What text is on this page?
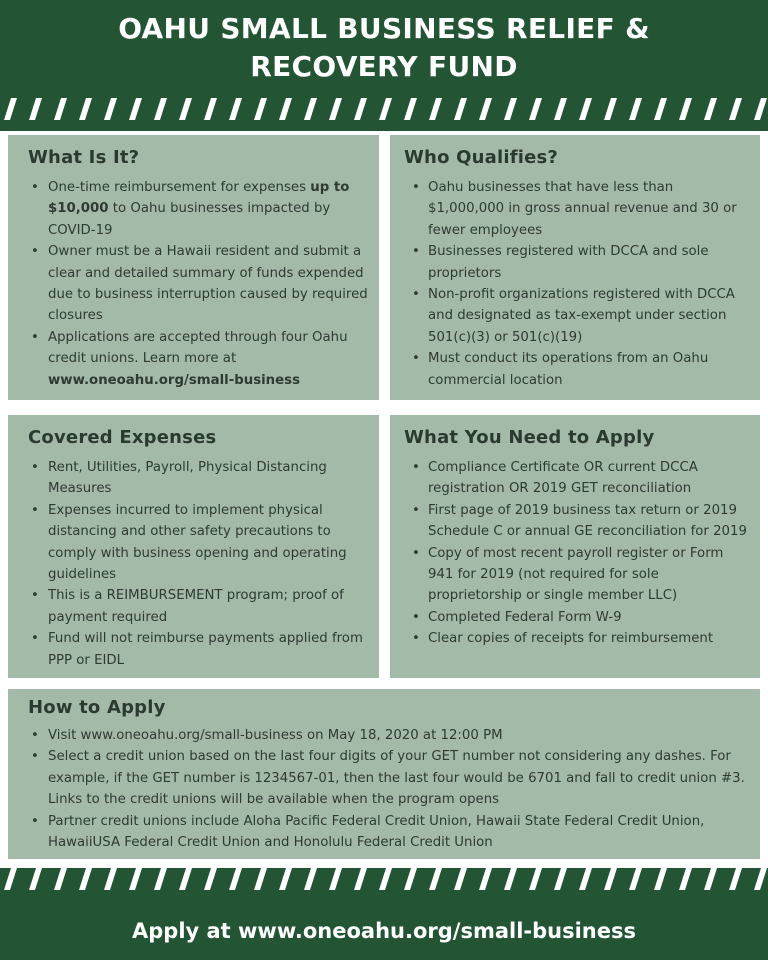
OAHU SMALL BUSINESS RELIEF &
RECOVERY FUND
What Is It?
• One-time reimbursement for expenses up to $10,000 to Oahu businesses impacted by COVID-19
• Owner must be a Hawaii resident and submit a clear and detailed summary of funds expended due to business interruption caused by required closures
• Applications are accepted through four Oahu credit unions. Learn more at www.oneoahu.org/small-business
Who Qualifies?
• Oahu businesses that have less than $1,000,000 in gross annual revenue and 30 or fewer employees
• Businesses registered with DCCA and sole proprietors
• Non-profit organizations registered with DCCA and designated as tax-exempt under section 501(c)(3) or 501(c)(19)
• Must conduct its operations from an Oahu commercial location
Covered Expenses
• Rent, Utilities, Payroll, Physical Distancing Measures
• Expenses incurred to implement physical distancing and other safety precautions to comply with business opening and operating guidelines
• This is a REIMBURSEMENT program; proof of payment required
• Fund will not reimburse payments applied from PPP or EIDL
What You Need to Apply
• Compliance Certificate OR current DCCA registration OR 2019 GET reconciliation
• First page of 2019 business tax return or 2019 Schedule C or annual GE reconciliation for 2019
• Copy of most recent payroll register or Form 941 for 2019 (not required for sole proprietorship or single member LLC)
• Completed Federal Form W-9
• Clear copies of receipts for reimbursement
How to Apply
• Visit www.oneoahu.org/small-business on May 18, 2020 at 12:00 PM
• Select a credit union based on the last four digits of your GET number not considering any dashes. For example, if the GET number is 1234567-01, then the last four would be 6701 and fall to credit union #3. Links to the credit unions will be available when the program opens
• Partner credit unions include Aloha Pacific Federal Credit Union, Hawaii State Federal Credit Union, HawaiiUSA Federal Credit Union and Honolulu Federal Credit Union
Apply at www.oneoahu.org/small-business
